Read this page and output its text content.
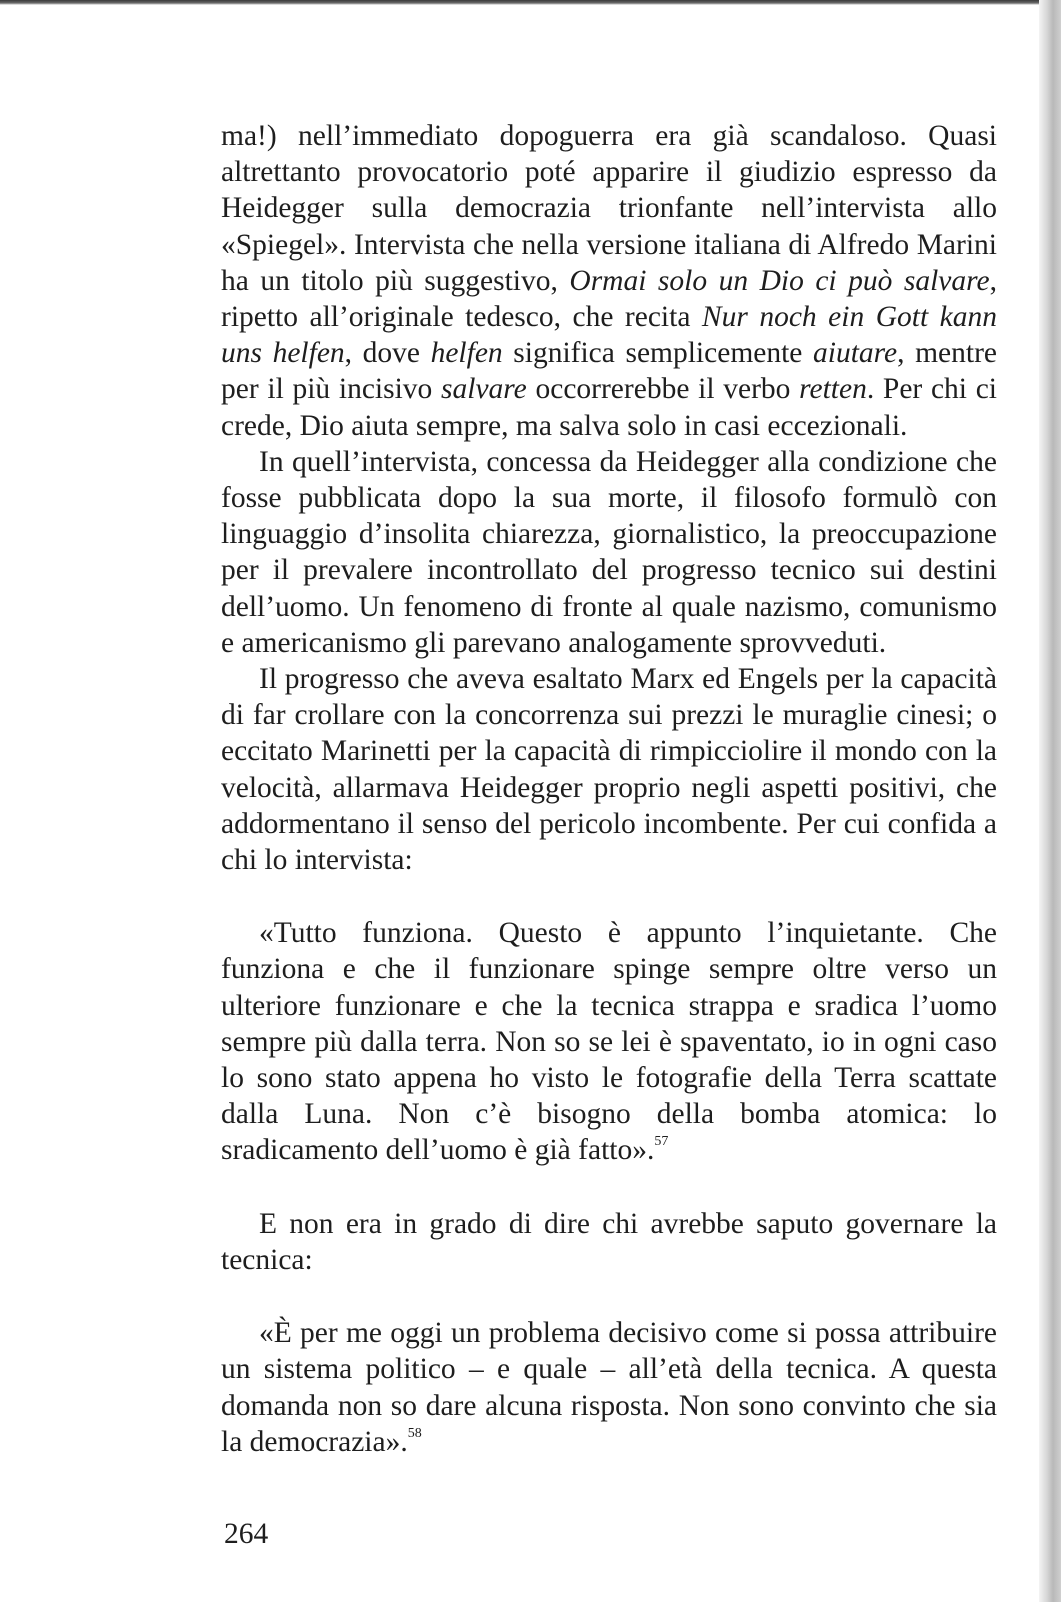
ma!) nell’immediato dopoguerra era già scandaloso. Quasi altrettanto provocatorio poté apparire il giudizio espresso da Heidegger sulla democrazia trionfante nell’intervista allo «Spiegel». Intervista che nella versione italiana di Alfredo Marini ha un titolo più suggestivo, Ormai solo un Dio ci può salvare, ripetto all’originale tedesco, che recita Nur noch ein Gott kann uns helfen, dove helfen significa semplicemente aiutare, mentre per il più incisivo salvare occorrerebbe il verbo retten. Per chi ci crede, Dio aiuta sempre, ma salva solo in casi eccezionali.

In quell’intervista, concessa da Heidegger alla condizione che fosse pubblicata dopo la sua morte, il filosofo formulò con linguaggio d’insolita chiarezza, giornalistico, la preoccupazione per il prevalere incontrollato del progresso tecnico sui destini dell’uomo. Un fenomeno di fronte al quale nazismo, comunismo e americanismo gli parevano analogamente sprovveduti.

Il progresso che aveva esaltato Marx ed Engels per la capacità di far crollare con la concorrenza sui prezzi le muraglie cinesi; o eccitato Marinetti per la capacità di rimpicciolire il mondo con la velocità, allarmava Heidegger proprio negli aspetti positivi, che addormentano il senso del pericolo incombente. Per cui confida a chi lo intervista:

«Tutto funziona. Questo è appunto l’inquietante. Che funziona e che il funzionare spinge sempre oltre verso un ulteriore funzionare e che la tecnica strappa e sradica l’uomo sempre più dalla terra. Non so se lei è spaventato, io in ogni caso lo sono stato appena ho visto le fotografie della Terra scattate dalla Luna. Non c’è bisogno della bomba atomica: lo sradicamento dell’uomo è già fatto».$^{57}$

E non era in grado di dire chi avrebbe saputo governare la tecnica:

«È per me oggi un problema decisivo come si possa attribuire un sistema politico – e quale – all’età della tecnica. A questa domanda non so dare alcuna risposta. Non sono convinto che sia la democrazia».$^{58}$

264
